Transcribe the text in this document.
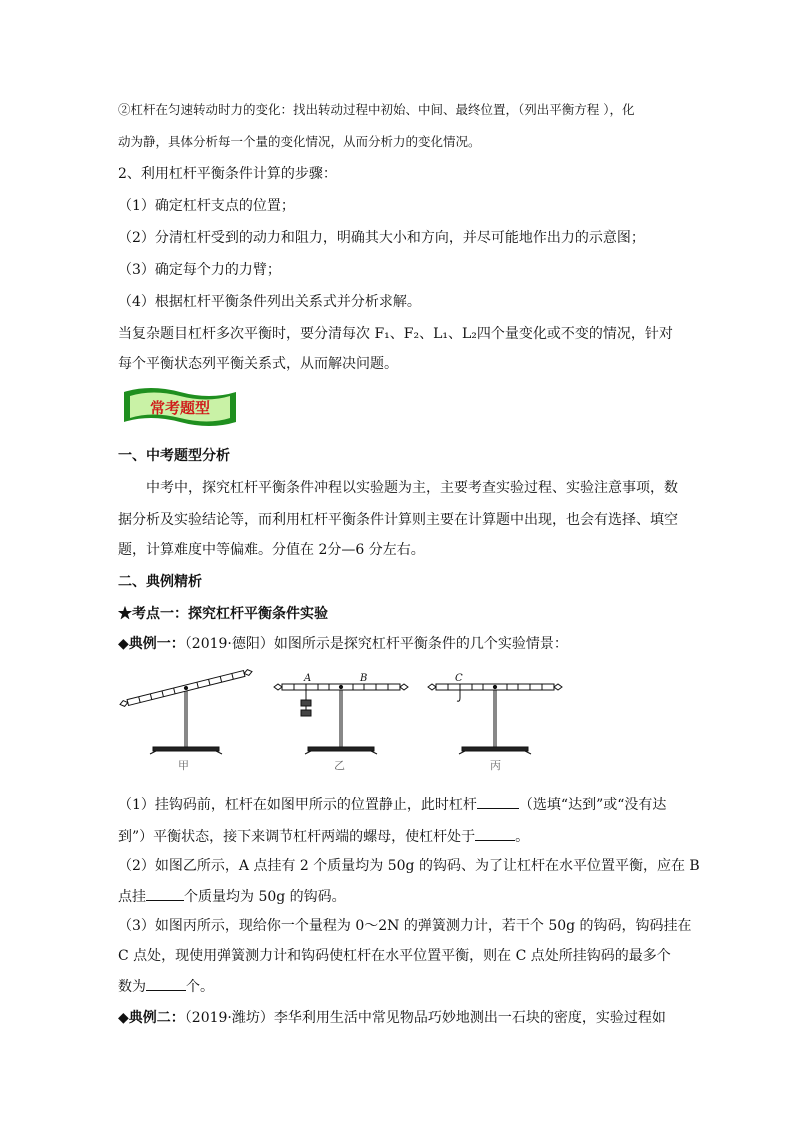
②杠杆在匀速转动时力的变化：找出转动过程中初始、中间、最终位置，（列出平衡方程 ），化
动为静，具体分析每一个量的变化情况，从而分析力的变化情况。
2、利用杠杆平衡条件计算的步骤：
（1）确定杠杆支点的位置；
（2）分清杠杆受到的动力和阻力，明确其大小和方向，并尽可能地作出力的示意图；
（3）确定每个力的力臂；
（4）根据杠杆平衡条件列出关系式并分析求解。
当复杂题目杠杆多次平衡时，要分清每次 F₁、F₂、L₁、L₂四个量变化或不变的情况，针对
每个平衡状态列平衡关系式，从而解决问题。
常考题型
一、中考题型分析
中考中，探究杠杆平衡条件冲程以实验题为主，主要考查实验过程、实验注意事项，数
据分析及实验结论等，而利用杠杆平衡条件计算则主要在计算题中出现，也会有选择、填空
题，计算难度中等偏难。分值在 2分—6 分左右。
二、典例精析
★考点一：探究杠杆平衡条件实验
◆典例一：（2019·德阳）如图所示是探究杠杆平衡条件的几个实验情景：
甲
A	B
乙
C
丙
（1）挂钩码前，杠杆在如图甲所示的位置静止，此时杠杆	（选填“达到”或“没有达
到”）平衡状态，接下来调节杠杆两端的螺母，使杠杆处于	。
（2）如图乙所示，A 点挂有 2 个质量均为 50g 的钩码、为了让杠杆在水平位置平衡，应在 B
点挂	个质量均为 50g 的钩码。
（3）如图丙所示，现给你一个量程为 0～2N 的弹簧测力计，若干个 50g 的钩码，钩码挂在
C 点处，现使用弹簧测力计和钩码使杠杆在水平位置平衡，则在 C 点处所挂钩码的最多个
数为	个。
◆典例二：（2019·潍坊）李华利用生活中常见物品巧妙地测出一石块的密度，实验过程如
